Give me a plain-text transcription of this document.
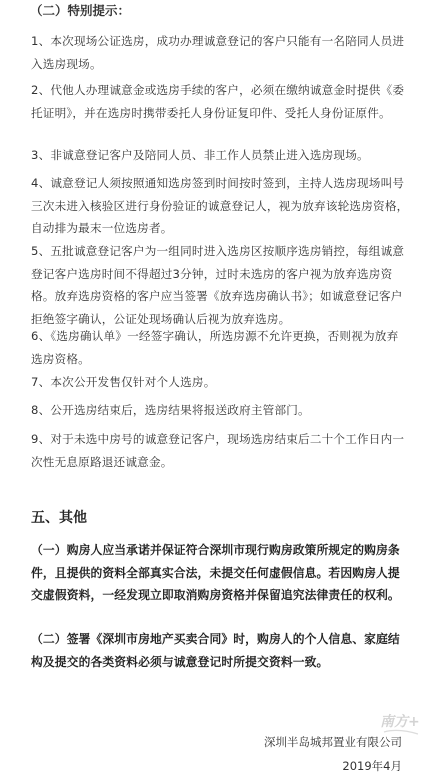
（二）特别提示：
1、本次现场公证选房，成功办理诚意登记的客户只能有一名陪同人员进入选房现场。
2、代他人办理诚意金或选房手续的客户，必须在缴纳诚意金时提供《委托证明》，并在选房时携带委托人身份证复印件、受托人身份证原件。
3、非诚意登记客户及陪同人员、非工作人员禁止进入选房现场。
4、诚意登记人须按照通知选房签到时间按时签到，主持人选房现场叫号三次未进入核验区进行身份验证的诚意登记人，视为放弃该轮选房资格，自动排为最末一位选房者。
5、五批诚意登记客户为一组同时进入选房区按顺序选房销控，每组诚意登记客户选房时间不得超过3分钟，过时未选房的客户视为放弃选房资格。放弃选房资格的客户应当签署《放弃选房确认书》；如诚意登记客户拒绝签字确认，公证处现场确认后视为放弃选房。
6、《选房确认单》一经签字确认，所选房源不允许更换，否则视为放弃选房资格。
7、本次公开发售仅针对个人选房。
8、公开选房结束后，选房结果将报送政府主管部门。
9、对于未选中房号的诚意登记客户，现场选房结束后二十个工作日内一次性无息原路退还诚意金。
五、其他
（一）购房人应当承诺并保证符合深圳市现行购房政策所规定的购房条件，且提供的资料全部真实合法，未提交任何虚假信息。若因购房人提交虚假资料，一经发现立即取消购房资格并保留追究法律责任的权利。
（二）签署《深圳市房地产买卖合同》时，购房人的个人信息、家庭结构及提交的各类资料必须与诚意登记时所提交资料一致。
深圳半岛城邦置业有限公司
2019年4月
南方+
